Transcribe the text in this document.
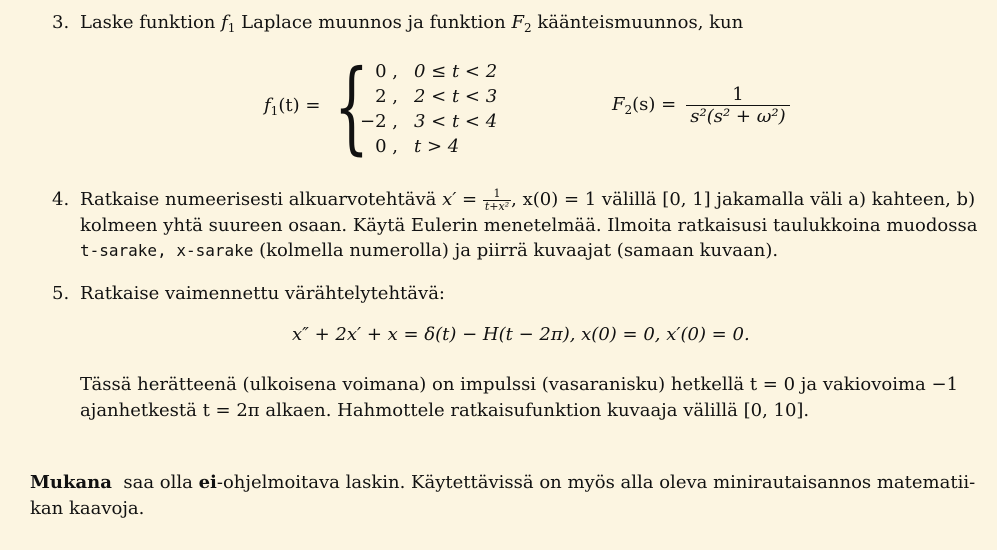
3. Laske funktion $f_1$ Laplace muunnos ja funktion $F_2$ käänteismuunnos, kun
$f_1(t)$ = { 0 , 0 ≤ t < 2
2 , 2 < t < 3
−2 , 3 < t < 4
0 , t > 4
$F_2(s) = \frac{1}{\text{s²(s² + ω²)}}$
4. Ratkaise numeerisesti alkuarvotehtävä $x' = \frac{1}{\text{t+x²}}$ , x(0) = 1 välillä [0, 1] jakamalla väli a) kahteen, b)
kolmeen yhtä suureen osaan. Käytä Eulerin menetelmää. Ilmoita ratkaisusi taulukkoina muodossa
t-sarake, x-sarake (kolmella numerolla) ja piirrä kuvaajat (samaan kuvaan).
5. Ratkaise vaimennettu värähtelytehtävä:
x″ + 2x′ + x = δ(t) − H(t − 2π), x(0) = 0, x′(0) = 0.
Tässä herätteenä (ulkoisena voimana) on impulssi (vasaranisku) hetkellä t = 0 ja vakiovoima −1
ajanhetkestä t = 2π alkaen. Hahmottele ratkaisufunktion kuvaaja välillä [0, 10].
Mukana  saa olla ei-ohjelmoitava laskin. Käytettävissä on myös alla oleva minirautaisannos matematii-
kan kaavoja.
